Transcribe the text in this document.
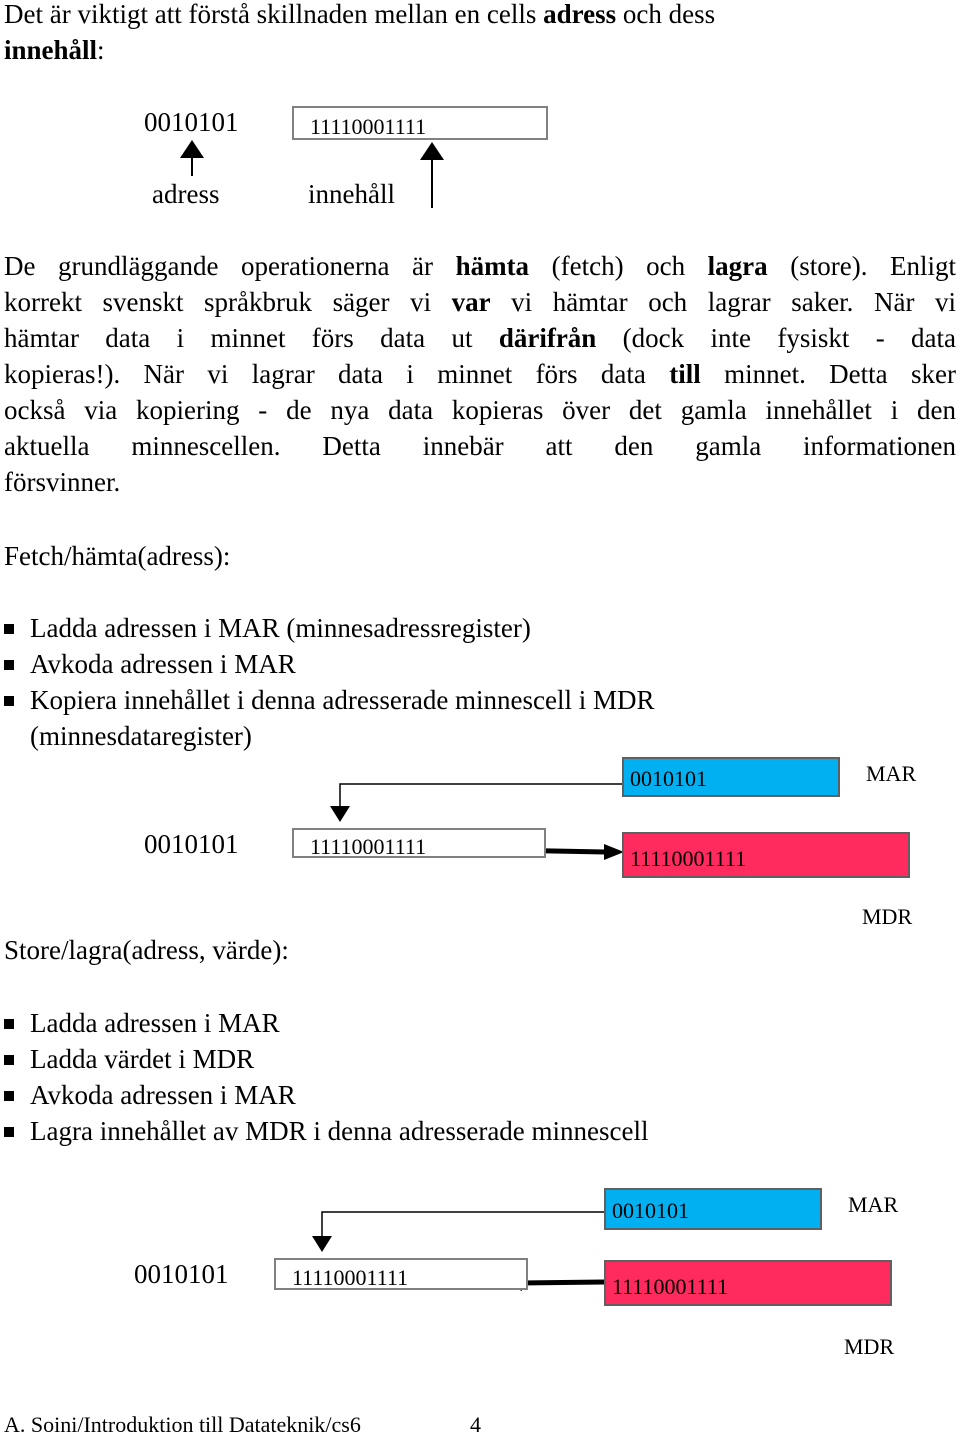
Det är viktigt att förstå skillnaden mellan en cells adress och dess
innehåll:
0010101	11110001111
adress	innehåll
De grundläggande operationerna är hämta (fetch) och lagra (store). Enligt
korrekt svenskt språkbruk säger vi var vi hämtar och lagrar saker. När vi
hämtar data i minnet förs data ut därifrån (dock inte fysiskt - data
kopieras!). När vi lagrar data i minnet förs data till minnet. Detta sker
också via kopiering - de nya data kopieras över det gamla innehållet i den
aktuella minnescellen. Detta innebär att den gamla informationen
försvinner.
Fetch/hämta(adress):
Ladda adressen i MAR (minnesadressregister)
Avkoda adressen i MAR
Kopiera innehållet i denna adresserade minnescell i MDR
(minnesdataregister)
0010101	MAR
0010101	11110001111	11110001111
MDR
Store/lagra(adress, värde):
Ladda adressen i MAR
Ladda värdet i MDR
Avkoda adressen i MAR
Lagra innehållet av MDR i denna adresserade minnescell
0010101	MAR
0010101	11110001111	11110001111
MDR
A. Soini/Introduktion till Datateknik/cs6	4
